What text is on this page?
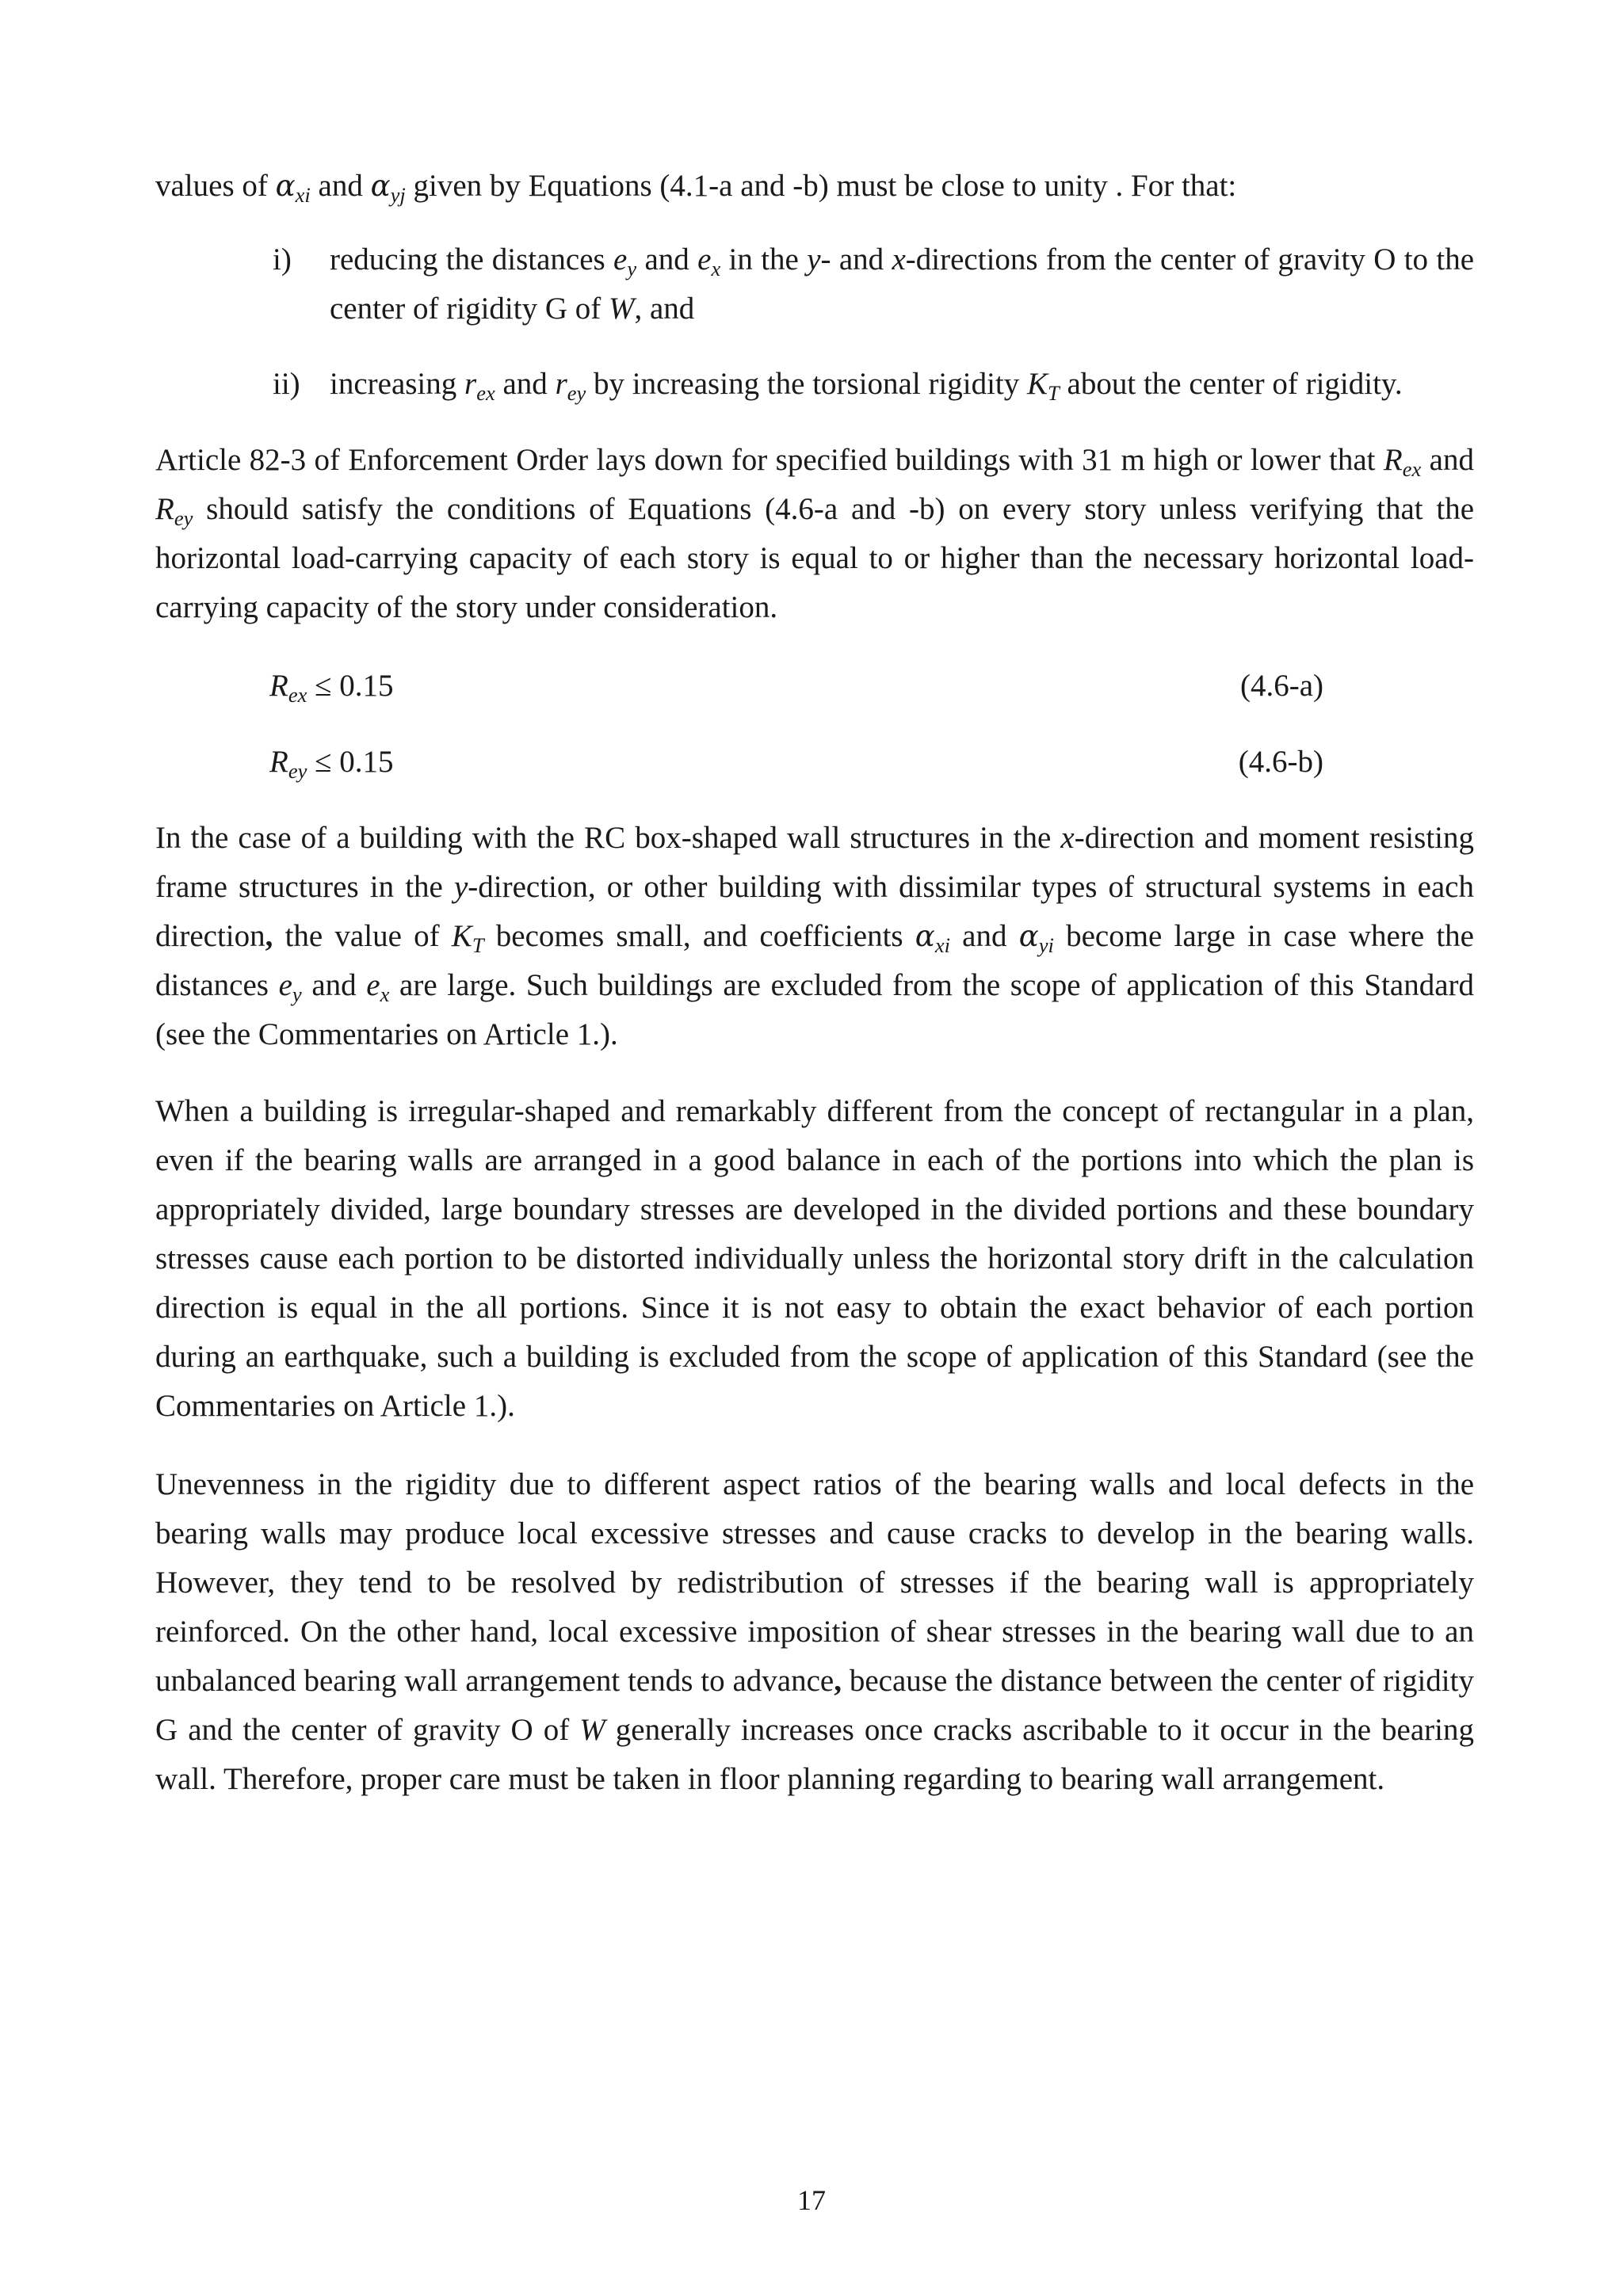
values of $\alpha_{xi}$ and $\alpha_{yj}$ given by Equations (4.1-a and -b) must be close to unity . For that:

i)	reducing the distances $e_y$ and $e_x$ in the y- and x-directions from the center of gravity O to the center of rigidity G of W, and

ii) increasing $r_{ex}$ and $r_{ey}$ by increasing the torsional rigidity $K_T$ about the center of rigidity.

Article 82-3 of Enforcement Order lays down for specified buildings with 31 m high or lower that $R_{ex}$ and $R_{ey}$ should satisfy the conditions of Equations (4.6-a and -b) on every story unless verifying that the horizontal load-carrying capacity of each story is equal to or higher than the necessary horizontal load-carrying capacity of the story under consideration.

$R_{ex} \le 0.15$	(4.6-a)
$R_{ey} \le 0.15$	(4.6-b)

In the case of a building with the RC box-shaped wall structures in the x-direction and moment resisting frame structures in the y-direction, or other building with dissimilar types of structural systems in each direction, the value of $K_T$ becomes small, and coefficients $\alpha_{xi}$ and $\alpha_{yi}$ become large in case where the distances $e_y$ and $e_x$ are large. Such buildings are excluded from the scope of application of this Standard (see the Commentaries on Article 1.).

When a building is irregular-shaped and remarkably different from the concept of rectangular in a plan, even if the bearing walls are arranged in a good balance in each of the portions into which the plan is appropriately divided, large boundary stresses are developed in the divided portions and these boundary stresses cause each portion to be distorted individually unless the horizontal story drift in the calculation direction is equal in the all portions. Since it is not easy to obtain the exact behavior of each portion during an earthquake, such a building is excluded from the scope of application of this Standard (see the Commentaries on Article 1.).

Unevenness in the rigidity due to different aspect ratios of the bearing walls and local defects in the bearing walls may produce local excessive stresses and cause cracks to develop in the bearing walls. However, they tend to be resolved by redistribution of stresses if the bearing wall is appropriately reinforced. On the other hand, local excessive imposition of shear stresses in the bearing wall due to an unbalanced bearing wall arrangement tends to advance, because the distance between the center of rigidity G and the center of gravity O of W generally increases once cracks ascribable to it occur in the bearing wall. Therefore, proper care must be taken in floor planning regarding to bearing wall arrangement.

17
